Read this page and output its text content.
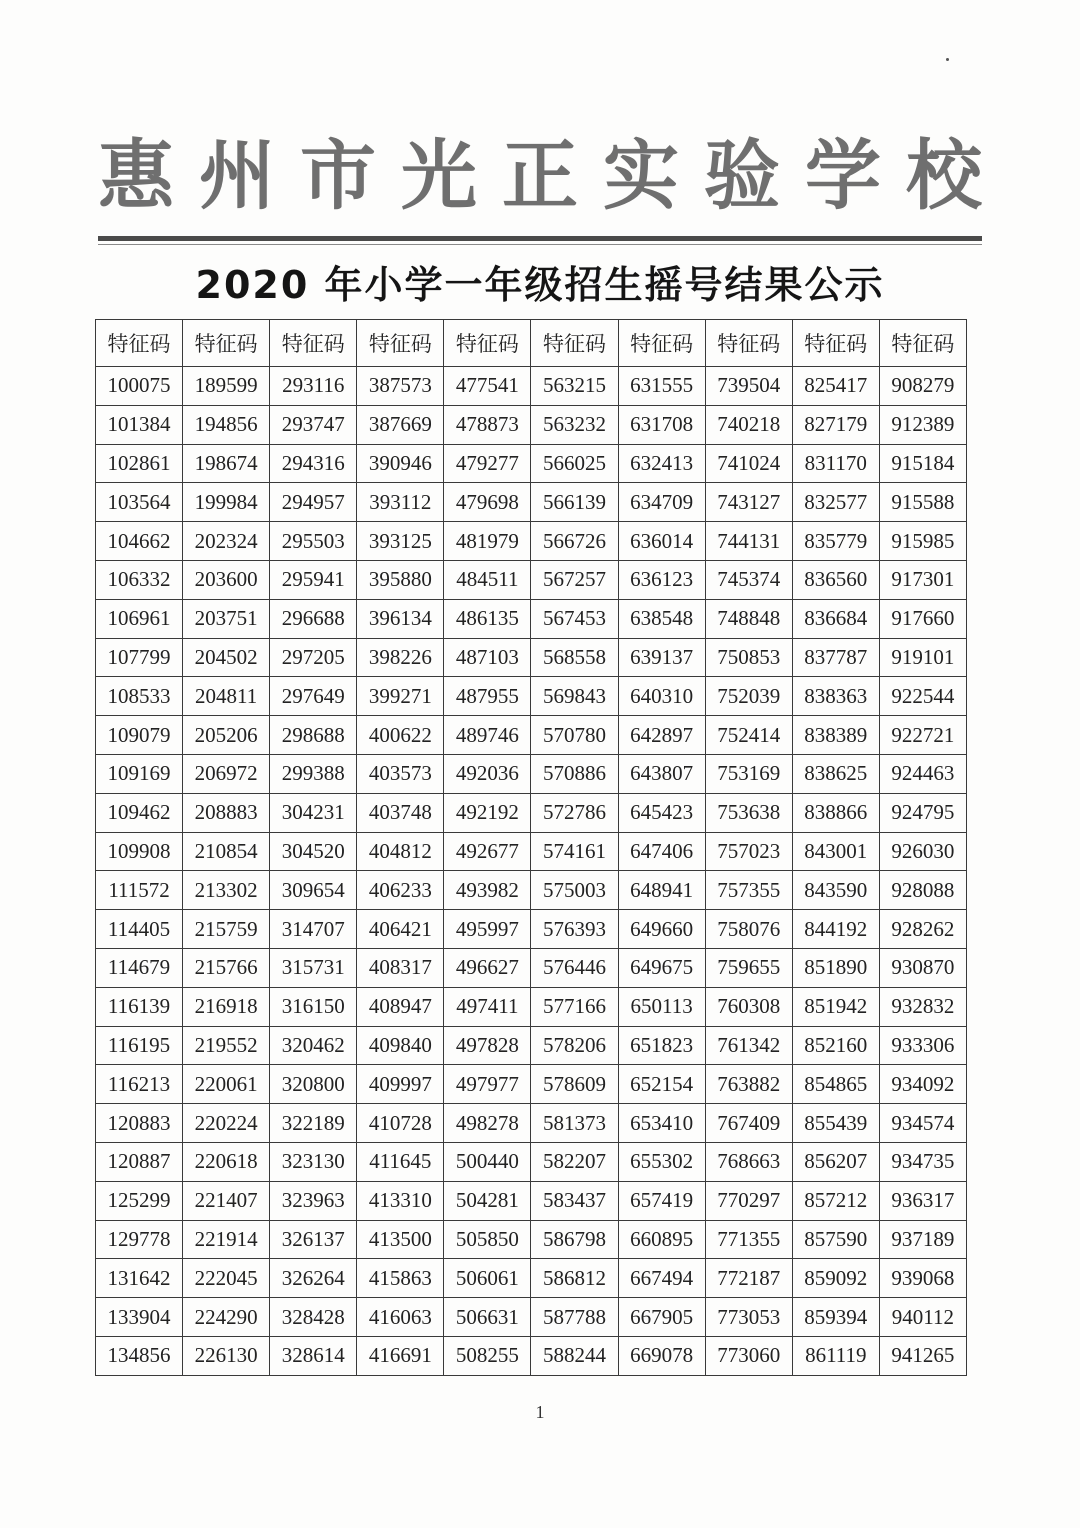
惠 州 市 光 正 实 验 学 校
2020 年小学一年级招生摇号结果公示
特征码	特征码	特征码	特征码	特征码	特征码	特征码	特征码	特征码	特征码
100075	189599	293116	387573	477541	563215	631555	739504	825417	908279
101384	194856	293747	387669	478873	563232	631708	740218	827179	912389
102861	198674	294316	390946	479277	566025	632413	741024	831170	915184
103564	199984	294957	393112	479698	566139	634709	743127	832577	915588
104662	202324	295503	393125	481979	566726	636014	744131	835779	915985
106332	203600	295941	395880	484511	567257	636123	745374	836560	917301
106961	203751	296688	396134	486135	567453	638548	748848	836684	917660
107799	204502	297205	398226	487103	568558	639137	750853	837787	919101
108533	204811	297649	399271	487955	569843	640310	752039	838363	922544
109079	205206	298688	400622	489746	570780	642897	752414	838389	922721
109169	206972	299388	403573	492036	570886	643807	753169	838625	924463
109462	208883	304231	403748	492192	572786	645423	753638	838866	924795
109908	210854	304520	404812	492677	574161	647406	757023	843001	926030
111572	213302	309654	406233	493982	575003	648941	757355	843590	928088
114405	215759	314707	406421	495997	576393	649660	758076	844192	928262
114679	215766	315731	408317	496627	576446	649675	759655	851890	930870
116139	216918	316150	408947	497411	577166	650113	760308	851942	932832
116195	219552	320462	409840	497828	578206	651823	761342	852160	933306
116213	220061	320800	409997	497977	578609	652154	763882	854865	934092
120883	220224	322189	410728	498278	581373	653410	767409	855439	934574
120887	220618	323130	411645	500440	582207	655302	768663	856207	934735
125299	221407	323963	413310	504281	583437	657419	770297	857212	936317
129778	221914	326137	413500	505850	586798	660895	771355	857590	937189
131642	222045	326264	415863	506061	586812	667494	772187	859092	939068
133904	224290	328428	416063	506631	587788	667905	773053	859394	940112
134856	226130	328614	416691	508255	588244	669078	773060	861119	941265
1
